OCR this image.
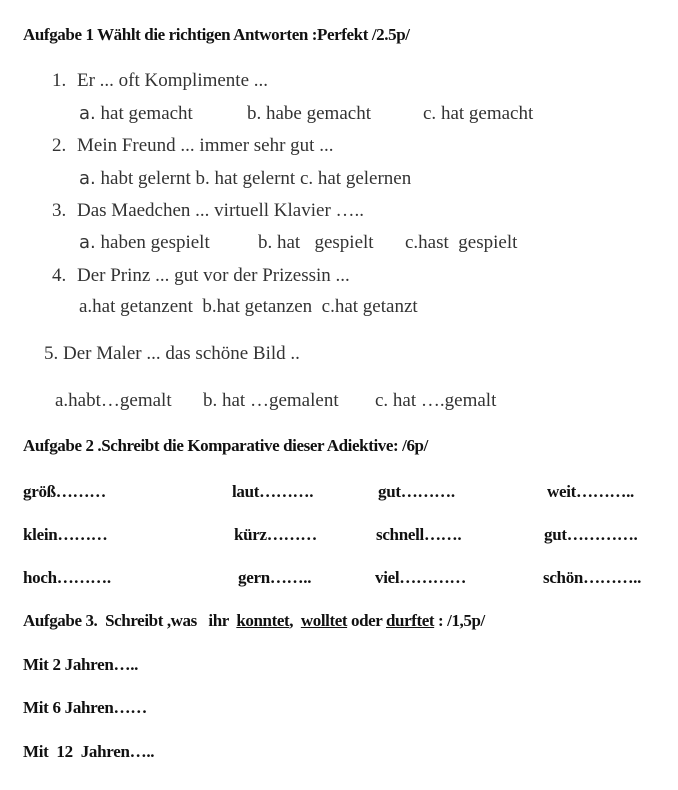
Aufgabe 1 Wählt die richtigen Antworten :Perfekt /2.5p/
1. Er ... oft Komplimente ...
a. hat gemacht	b. habe gemacht	c. hat gemacht
2. Mein Freund ... immer sehr gut ...
a. habt gelernt b. hat gelernt c. hat gelernen
3. Das Maedchen ... virtuell Klavier …..
a. haben gespielt	b. hat   gespielt c.hast  gespielt
4. Der Prinz ... gut vor der Prizessin ...
a.hat getanzent  b.hat getanzen  c.hat getanzt
5. Der Maler ... das schöne Bild ..
a.habt…gemalt b. hat …gemalent c. hat ….gemalt
Aufgabe 2 .Schreibt die Komparative dieser Adiektive: /6p/
größ………	laut……….	gut……….	weit………..
klein………	kürz………	schnell…….	gut………….
hoch……….	gern……..	viel…………	schön………..
Aufgabe 3.  Schreibt ,was   ihr  konntet,  wolltet oder durftet : /1,5p/
Mit 2 Jahren…..
Mit 6 Jahren……
Mit  12  Jahren…..
